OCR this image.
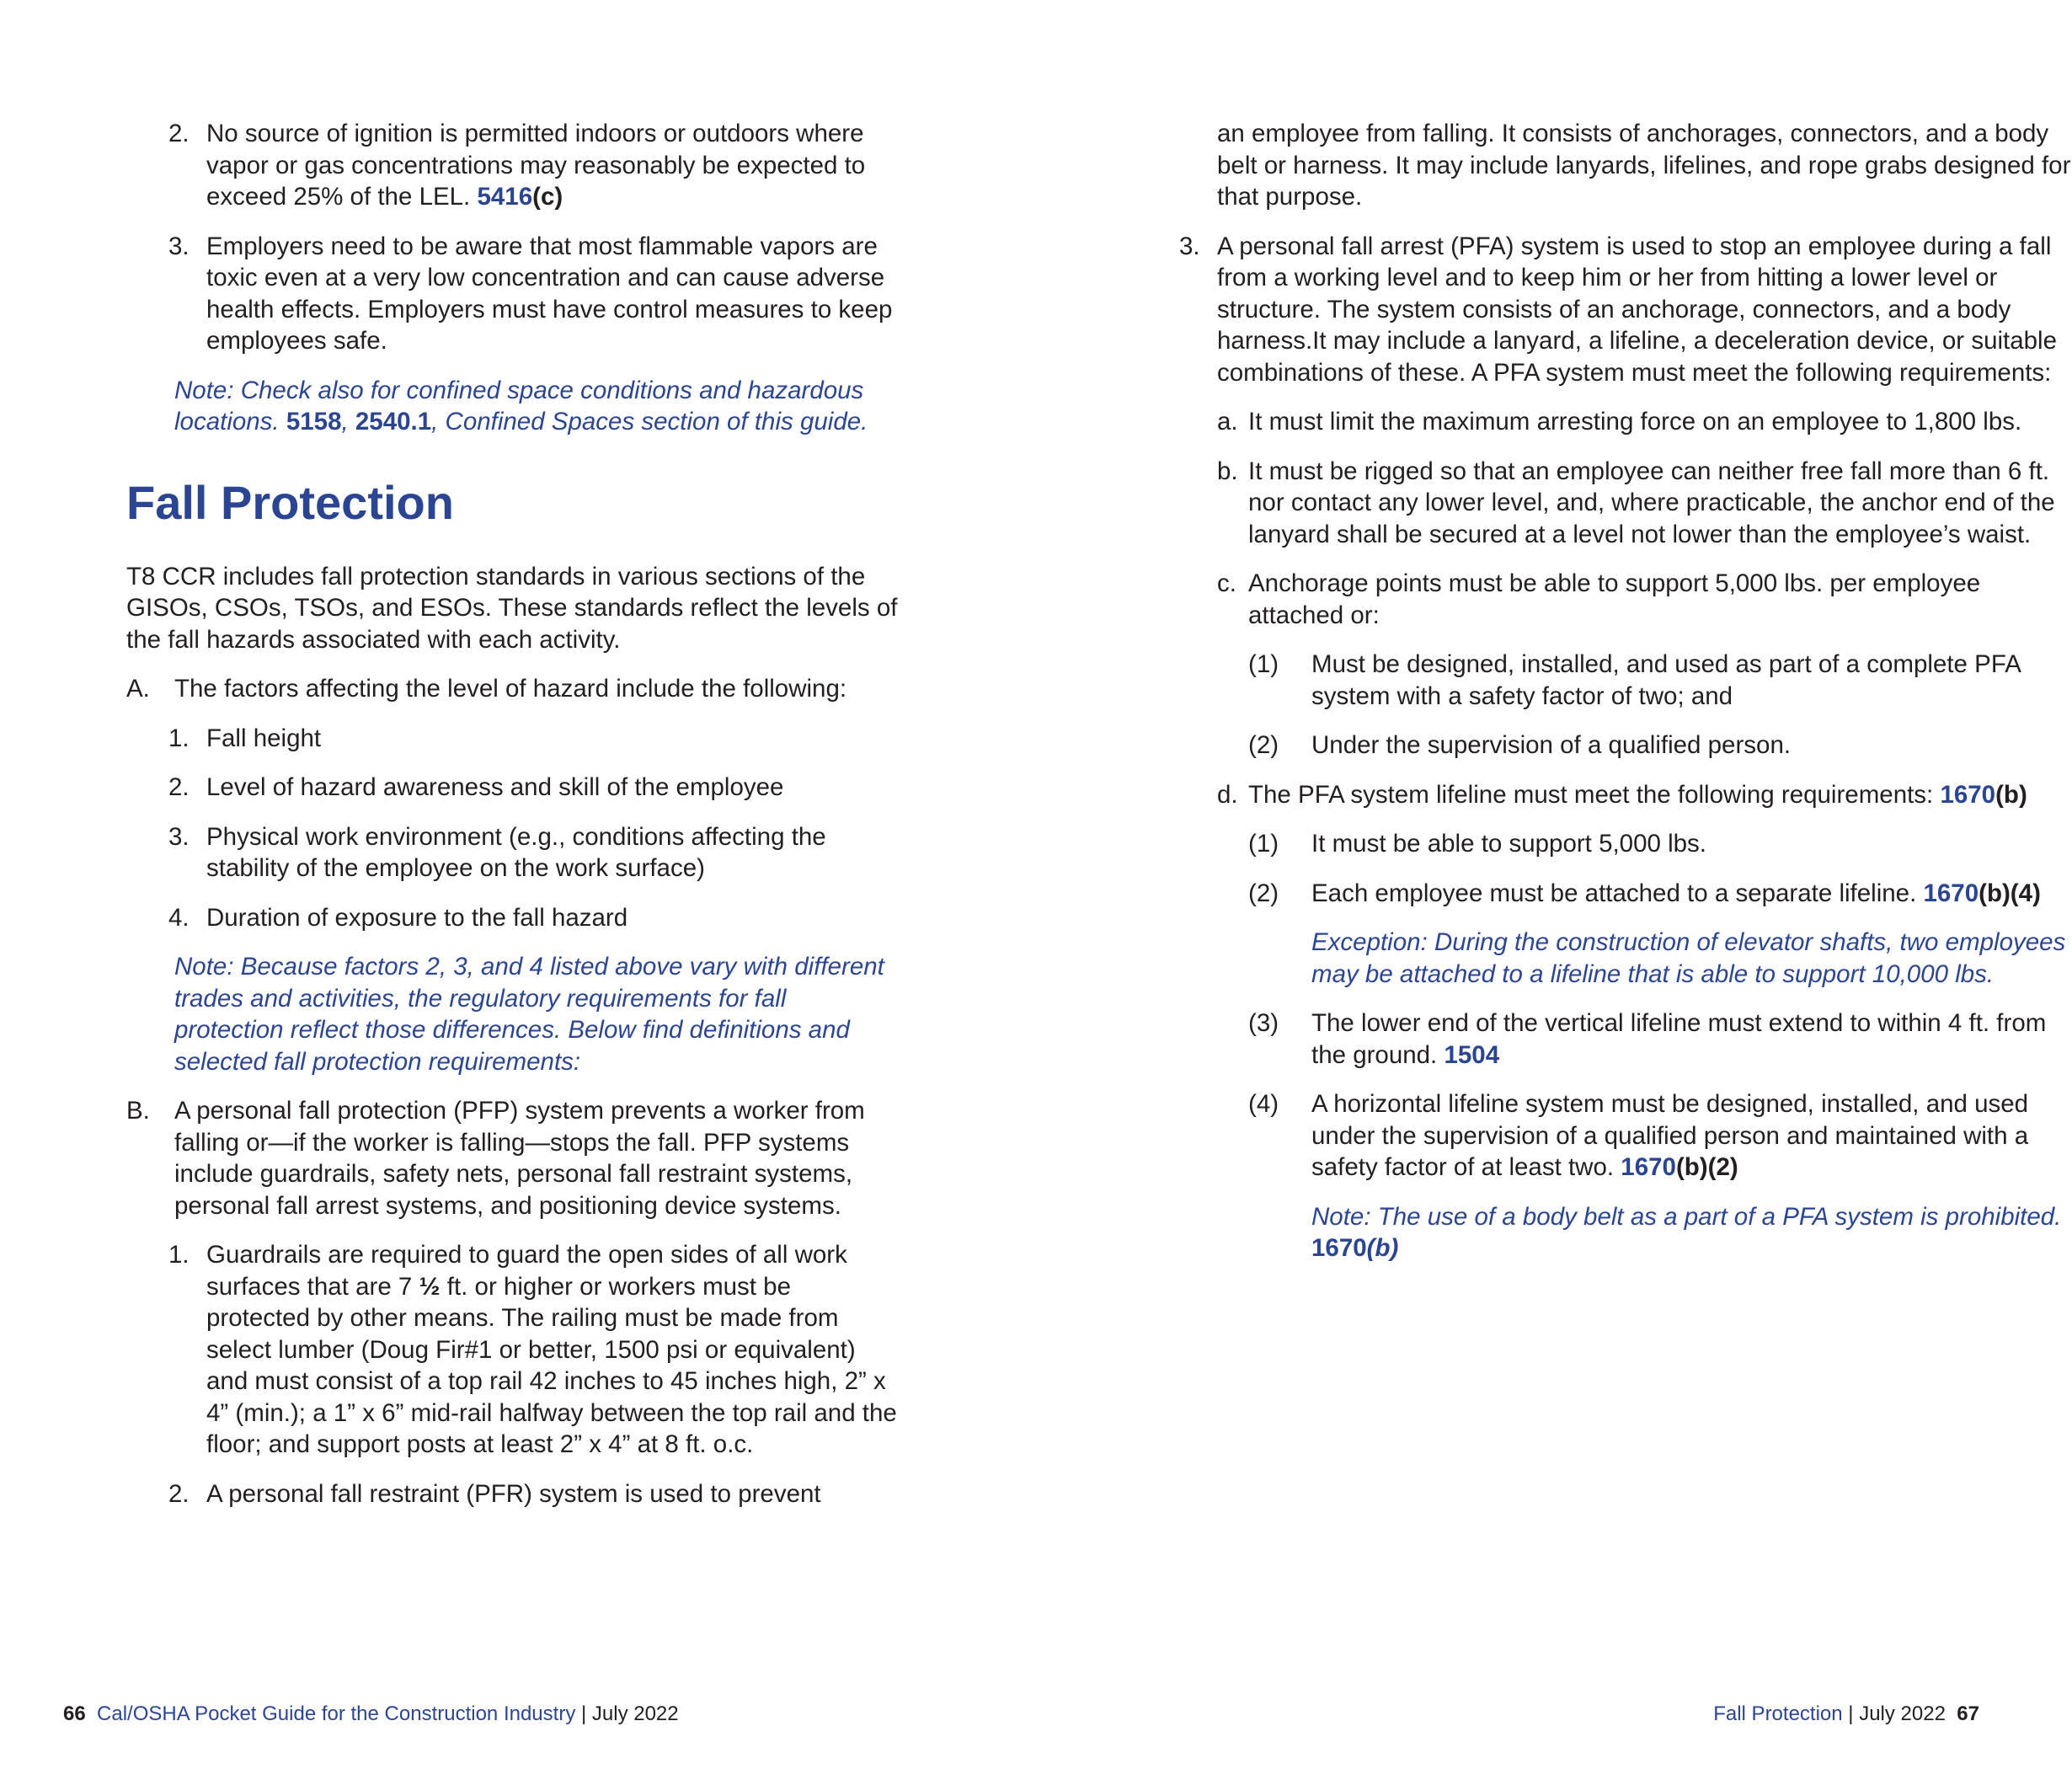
2. No source of ignition is permitted indoors or outdoors where vapor or gas concentrations may reasonably be expected to exceed 25% of the LEL. 5416(c)

3. Employers need to be aware that most flammable vapors are toxic even at a very low concentration and can cause adverse health effects. Employers must have control measures to keep employees safe.

Note: Check also for confined space conditions and hazardous locations. 5158, 2540.1, Confined Spaces section of this guide.
Fall Protection

T8 CCR includes fall protection standards in various sections of the GISOs, CSOs, TSOs, and ESOs. These standards reflect the levels of the fall hazards associated with each activity.

A. The factors affecting the level of hazard include the following:

1. Fall height

2. Level of hazard awareness and skill of the employee

3. Physical work environment (e.g., conditions affecting the stability of the employee on the work surface)

4. Duration of exposure to the fall hazard

Note: Because factors 2, 3, and 4 listed above vary with different trades and activities, the regulatory requirements for fall protection reflect those differences. Below find definitions and selected fall protection requirements:

B. A personal fall protection (PFP) system prevents a worker from falling or—if the worker is falling—stops the fall. PFP systems include guardrails, safety nets, personal fall restraint systems, personal fall arrest systems, and positioning device systems.

1. Guardrails are required to guard the open sides of all work surfaces that are 7 ½ ft. or higher or workers must be protected by other means. The railing must be made from select lumber (Doug Fir#1 or better, 1500 psi or equivalent) and must consist of a top rail 42 inches to 45 inches high, 2” x 4” (min.); a 1” x 6” mid-rail halfway between the top rail and the floor; and support posts at least 2” x 4” at 8 ft. o.c.

2. A personal fall restraint (PFR) system is used to prevent

66 Cal/OSHA Pocket Guide for the Construction Industry | July 2022

an employee from falling. It consists of anchorages, connectors, and a body belt or harness. It may include lanyards, lifelines, and rope grabs designed for that purpose.

3. A personal fall arrest (PFA) system is used to stop an employee during a fall from a working level and to keep him or her from hitting a lower level or structure. The system consists of an anchorage, connectors, and a body harness.It may include a lanyard, a lifeline, a deceleration device, or suitable combinations of these. A PFA system must meet the following requirements:

a. It must limit the maximum arresting force on an employee to 1,800 lbs.

b. It must be rigged so that an employee can neither free fall more than 6 ft. nor contact any lower level, and, where practicable, the anchor end of the lanyard shall be secured at a level not lower than the employee’s waist.

c. Anchorage points must be able to support 5,000 lbs. per employee attached or:

(1) Must be designed, installed, and used as part of a complete PFA system with a safety factor of two; and

(2) Under the supervision of a qualified person.

d. The PFA system lifeline must meet the following requirements: 1670(b)

(1) It must be able to support 5,000 lbs.

(2) Each employee must be attached to a separate lifeline. 1670(b)(4)

Exception: During the construction of elevator shafts, two employees may be attached to a lifeline that is able to support 10,000 lbs.

(3) The lower end of the vertical lifeline must extend to within 4 ft. from the ground. 1504

(4) A horizontal lifeline system must be designed, installed, and used under the supervision of a qualified person and maintained with a safety factor of at least two. 1670(b)(2)

Note: The use of a body belt as a part of a PFA system is prohibited. 1670(b)

Fall Protection | July 2022 67
